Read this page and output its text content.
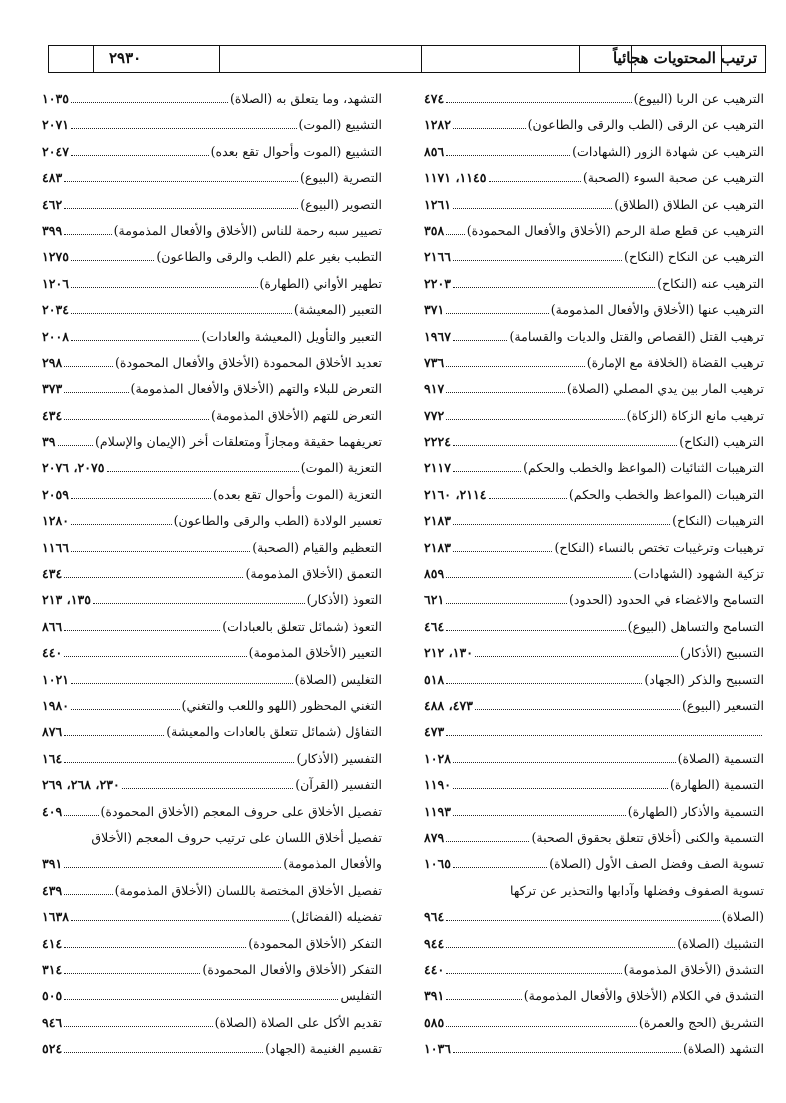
ترتيب المحتويات هجائياً
٢٩٣٠
الترهيب عن الربا (البيوع)
٤٧٤
الترهيب عن الرقى (الطب والرقى والطاعون)
١٢٨٢
الترهيب عن شهادة الزور (الشهادات)
٨٥٦
الترهيب عن صحبة السوء (الصحبة)
١١٤٥، ١١٧١
الترهيب عن الطلاق (الطلاق)
١٢٦١
الترهيب عن قطع صلة الرحم (الأخلاق والأفعال المحمودة)
٣٥٨
الترهيب عن النكاح (النكاح)
٢١٦٦
الترهيب عنه (النكاح)
٢٢٠٣
الترهيب عنها (الأخلاق والأفعال المذمومة)
٣٧١
ترهيب القتل (القصاص والقتل والديات والقسامة)
١٩٦٧
ترهيب القضاة (الخلافة مع الإمارة)
٧٣٦
ترهيب المار بين يدي المصلي (الصلاة)
٩١٧
ترهيب مانع الزكاة (الزكاة)
٧٧٢
الترهيب (النكاح)
٢٢٢٤
الترهيبات الثنائيات (المواعظ والخطب والحكم)
٢١١٧
الترهيبات (المواعظ والخطب والحكم)
٢١١٤، ٢١٦٠
الترهيبات (النكاح)
٢١٨٣
ترهيبات وترغيبات تختص بالنساء (النكاح)
٢١٨٣
تزكية الشهود (الشهادات)
٨٥٩
التسامح والاغضاء في الحدود (الحدود)
٦٢١
التسامح والتساهل (البيوع)
٤٦٤
التسبيح (الأذكار)
١٣٠، ٢١٢
التسبيح والذكر (الجهاد)
٥١٨
التسعير (البيوع)
٤٧٣، ٤٨٨
٤٧٣
التسمية (الصلاة)
١٠٢٨
التسمية (الطهارة)
١١٩٠
التسمية والأذكار (الطهارة)
١١٩٣
التسمية والكنى (أخلاق تتعلق بحقوق الصحبة)
٨٧٩
تسوية الصف وفضل الصف الأول (الصلاة)
١٠٦٥
تسوية الصفوف وفضلها وآدابها والتحذير عن تركها
(الصلاة)
٩٦٤
التشبيك (الصلاة)
٩٤٤
التشدق (الأخلاق المذمومة)
٤٤٠
التشدق في الكلام (الأخلاق والأفعال المذمومة)
٣٩١
التشريق (الحج والعمرة)
٥٨٥
التشهد (الصلاة)
١٠٣٦
التشهد، وما يتعلق به (الصلاة)
١٠٣٥
التشييع (الموت)
٢٠٧١
التشييع (الموت وأحوال تقع بعده)
٢٠٤٧
التصرية (البيوع)
٤٨٣
التصوير (البيوع)
٤٦٢
تصيير سبه رحمة للناس (الأخلاق والأفعال المذمومة)
٣٩٩
التطبب بغير علم (الطب والرقى والطاعون)
١٢٧٥
تطهير الأواني (الطهارة)
١٢٠٦
التعبير (المعيشة)
٢٠٣٤
التعبير والتأويل (المعيشة والعادات)
٢٠٠٨
تعديد الأخلاق المحمودة (الأخلاق والأفعال المحمودة)
٢٩٨
التعرض للبلاء والتهم (الأخلاق والأفعال المذمومة)
٣٧٣
التعرض للتهم (الأخلاق المذمومة)
٤٣٤
تعريفهما حقيقة ومجازاً ومتعلقات أخر (الإيمان والإسلام)
٣٩
التعزية (الموت)
٢٠٧٥، ٢٠٧٦
التعزية (الموت وأحوال تقع بعده)
٢٠٥٩
تعسير الولادة (الطب والرقى والطاعون)
١٢٨٠
التعظيم والقيام (الصحبة)
١١٦٦
التعمق (الأخلاق المذمومة)
٤٣٤
التعوذ (الأذكار)
١٣٥، ٢١٣
التعوذ (شمائل تتعلق بالعبادات)
٨٦٦
التعيير (الأخلاق المذمومة)
٤٤٠
التغليس (الصلاة)
١٠٢١
التغني المحظور (اللهو واللعب والتغني)
١٩٨٠
التفاؤل (شمائل تتعلق بالعادات والمعيشة)
٨٧٦
التفسير (الأذكار)
١٦٤
التفسير (القرآن)
٢٣٠، ٢٦٨، ٢٦٩
تفصيل الأخلاق على حروف المعجم (الأخلاق المحمودة)
٤٠٩
تفصيل أخلاق اللسان على ترتيب حروف المعجم (الأخلاق
والأفعال المذمومة)
٣٩١
تفصيل الأخلاق المختصة باللسان (الأخلاق المذمومة)
٤٣٩
تفضيله (الفضائل)
١٦٣٨
التفكر (الأخلاق المحمودة)
٤١٤
التفكر (الأخلاق والأفعال المحمودة)
٣١٤
التفليس
٥٠٥
تقديم الأكل على الصلاة (الصلاة)
٩٤٦
تقسيم الغنيمة (الجهاد)
٥٢٤
